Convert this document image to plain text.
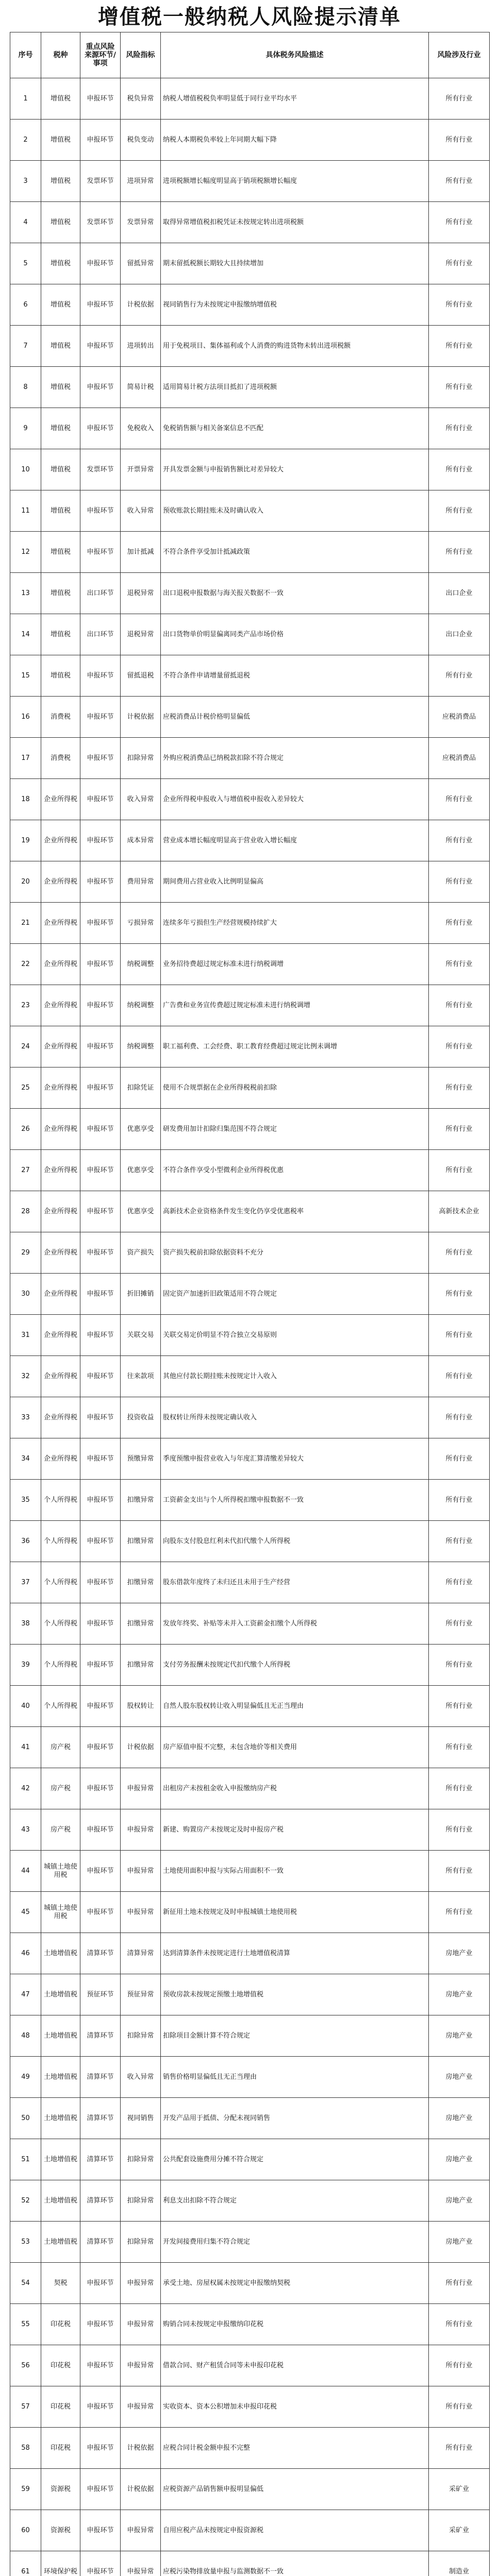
增值税一般纳税人风险提示清单
序号	税种	重点风险来源环节/事项	风险指标	具体税务风险描述	风险涉及行业
1	增值税	申报环节	税负异常	纳税人增值税税负率明显低于同行业平均水平	所有行业
2	增值税	申报环节	税负变动	纳税人本期税负率较上年同期大幅下降	所有行业
3	增值税	发票环节	进项异常	进项税额增长幅度明显高于销项税额增长幅度	所有行业
4	增值税	发票环节	发票异常	取得异常增值税扣税凭证未按规定转出进项税额	所有行业
5	增值税	申报环节	留抵异常	期末留抵税额长期较大且持续增加	所有行业
6	增值税	申报环节	计税依据	视同销售行为未按规定申报缴纳增值税	所有行业
7	增值税	申报环节	进项转出	用于免税项目、集体福利或个人消费的购进货物未转出进项税额	所有行业
8	增值税	申报环节	简易计税	适用简易计税方法项目抵扣了进项税额	所有行业
9	增值税	申报环节	免税收入	免税销售额与相关备案信息不匹配	所有行业
10	增值税	发票环节	开票异常	开具发票金额与申报销售额比对差异较大	所有行业
11	增值税	申报环节	收入异常	预收账款长期挂账未及时确认收入	所有行业
12	增值税	申报环节	加计抵减	不符合条件享受加计抵减政策	所有行业
13	增值税	出口环节	退税异常	出口退税申报数据与海关报关数据不一致	出口企业
14	增值税	出口环节	退税异常	出口货物单价明显偏离同类产品市场价格	出口企业
15	增值税	申报环节	留抵退税	不符合条件申请增量留抵退税	所有行业
16	消费税	申报环节	计税依据	应税消费品计税价格明显偏低	应税消费品
17	消费税	申报环节	扣除异常	外购应税消费品已纳税款扣除不符合规定	应税消费品
18	企业所得税	申报环节	收入异常	企业所得税申报收入与增值税申报收入差异较大	所有行业
19	企业所得税	申报环节	成本异常	营业成本增长幅度明显高于营业收入增长幅度	所有行业
20	企业所得税	申报环节	费用异常	期间费用占营业收入比例明显偏高	所有行业
21	企业所得税	申报环节	亏损异常	连续多年亏损但生产经营规模持续扩大	所有行业
22	企业所得税	申报环节	纳税调整	业务招待费超过规定标准未进行纳税调增	所有行业
23	企业所得税	申报环节	纳税调整	广告费和业务宣传费超过规定标准未进行纳税调增	所有行业
24	企业所得税	申报环节	纳税调整	职工福利费、工会经费、职工教育经费超过规定比例未调增	所有行业
25	企业所得税	申报环节	扣除凭证	使用不合规票据在企业所得税税前扣除	所有行业
26	企业所得税	申报环节	优惠享受	研发费用加计扣除归集范围不符合规定	所有行业
27	企业所得税	申报环节	优惠享受	不符合条件享受小型微利企业所得税优惠	所有行业
28	企业所得税	申报环节	优惠享受	高新技术企业资格条件发生变化仍享受优惠税率	高新技术企业
29	企业所得税	申报环节	资产损失	资产损失税前扣除依据资料不充分	所有行业
30	企业所得税	申报环节	折旧摊销	固定资产加速折旧政策适用不符合规定	所有行业
31	企业所得税	申报环节	关联交易	关联交易定价明显不符合独立交易原则	所有行业
32	企业所得税	申报环节	往来款项	其他应付款长期挂账未按规定计入收入	所有行业
33	企业所得税	申报环节	投资收益	股权转让所得未按规定确认收入	所有行业
34	企业所得税	申报环节	预缴异常	季度预缴申报营业收入与年度汇算清缴差异较大	所有行业
35	个人所得税	申报环节	扣缴异常	工资薪金支出与个人所得税扣缴申报数据不一致	所有行业
36	个人所得税	申报环节	扣缴异常	向股东支付股息红利未代扣代缴个人所得税	所有行业
37	个人所得税	申报环节	扣缴异常	股东借款年度终了未归还且未用于生产经营	所有行业
38	个人所得税	申报环节	扣缴异常	发放年终奖、补贴等未并入工资薪金扣缴个人所得税	所有行业
39	个人所得税	申报环节	扣缴异常	支付劳务报酬未按规定代扣代缴个人所得税	所有行业
40	个人所得税	申报环节	股权转让	自然人股东股权转让收入明显偏低且无正当理由	所有行业
41	房产税	申报环节	计税依据	房产原值申报不完整，未包含地价等相关费用	所有行业
42	房产税	申报环节	申报异常	出租房产未按租金收入申报缴纳房产税	所有行业
43	房产税	申报环节	申报异常	新建、购置房产未按规定及时申报房产税	所有行业
44	城镇土地使用税	申报环节	申报异常	土地使用面积申报与实际占用面积不一致	所有行业
45	城镇土地使用税	申报环节	申报异常	新征用土地未按规定及时申报城镇土地使用税	所有行业
46	土地增值税	清算环节	清算异常	达到清算条件未按规定进行土地增值税清算	房地产业
47	土地增值税	预征环节	预征异常	预收房款未按规定预缴土地增值税	房地产业
48	土地增值税	清算环节	扣除异常	扣除项目金额计算不符合规定	房地产业
49	土地增值税	清算环节	收入异常	销售价格明显偏低且无正当理由	房地产业
50	土地增值税	清算环节	视同销售	开发产品用于抵债、分配未视同销售	房地产业
51	土地增值税	清算环节	扣除异常	公共配套设施费用分摊不符合规定	房地产业
52	土地增值税	清算环节	扣除异常	利息支出扣除不符合规定	房地产业
53	土地增值税	清算环节	扣除异常	开发间接费用归集不符合规定	房地产业
54	契税	申报环节	申报异常	承受土地、房屋权属未按规定申报缴纳契税	所有行业
55	印花税	申报环节	申报异常	购销合同未按规定申报缴纳印花税	所有行业
56	印花税	申报环节	申报异常	借款合同、财产租赁合同等未申报印花税	所有行业
57	印花税	申报环节	申报异常	实收资本、资本公积增加未申报印花税	所有行业
58	印花税	申报环节	计税依据	应税合同计税金额申报不完整	所有行业
59	资源税	申报环节	计税依据	应税资源产品销售额申报明显偏低	采矿业
60	资源税	申报环节	申报异常	自用应税产品未按规定申报资源税	采矿业
61	环境保护税	申报环节	申报异常	应税污染物排放量申报与监测数据不一致	制造业
